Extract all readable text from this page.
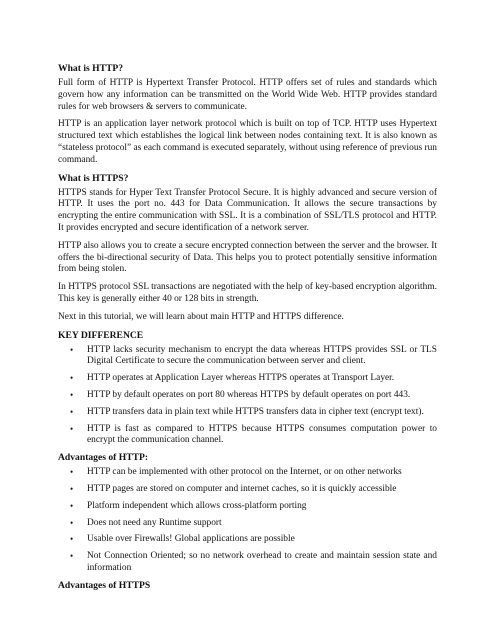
What is HTTP?

Full form of HTTP is Hypertext Transfer Protocol. HTTP offers set of rules and standards which govern how any information can be transmitted on the World Wide Web. HTTP provides standard rules for web browsers & servers to communicate.

HTTP is an application layer network protocol which is built on top of TCP. HTTP uses Hypertext structured text which establishes the logical link between nodes containing text. It is also known as “stateless protocol” as each command is executed separately, without using reference of previous run command.

What is HTTPS?

HTTPS stands for Hyper Text Transfer Protocol Secure. It is highly advanced and secure version of HTTP. It uses the port no. 443 for Data Communication. It allows the secure transactions by encrypting the entire communication with SSL. It is a combination of SSL/TLS protocol and HTTP. It provides encrypted and secure identification of a network server.

HTTP also allows you to create a secure encrypted connection between the server and the browser. It offers the bi-directional security of Data. This helps you to protect potentially sensitive information from being stolen.

In HTTPS protocol SSL transactions are negotiated with the help of key-based encryption algorithm. This key is generally either 40 or 128 bits in strength.

Next in this tutorial, we will learn about main HTTP and HTTPS difference.

KEY DIFFERENCE
• HTTP lacks security mechanism to encrypt the data whereas HTTPS provides SSL or TLS Digital Certificate to secure the communication between server and client.
• HTTP operates at Application Layer whereas HTTPS operates at Transport Layer.
• HTTP by default operates on port 80 whereas HTTPS by default operates on port 443.
• HTTP transfers data in plain text while HTTPS transfers data in cipher text (encrypt text).
• HTTP is fast as compared to HTTPS because HTTPS consumes computation power to encrypt the communication channel.
Advantages of HTTP:
• HTTP can be implemented with other protocol on the Internet, or on other networks
• HTTP pages are stored on computer and internet caches, so it is quickly accessible
• Platform independent which allows cross-platform porting
• Does not need any Runtime support
• Usable over Firewalls! Global applications are possible
• Not Connection Oriented; so no network overhead to create and maintain session state and information
Advantages of HTTPS
